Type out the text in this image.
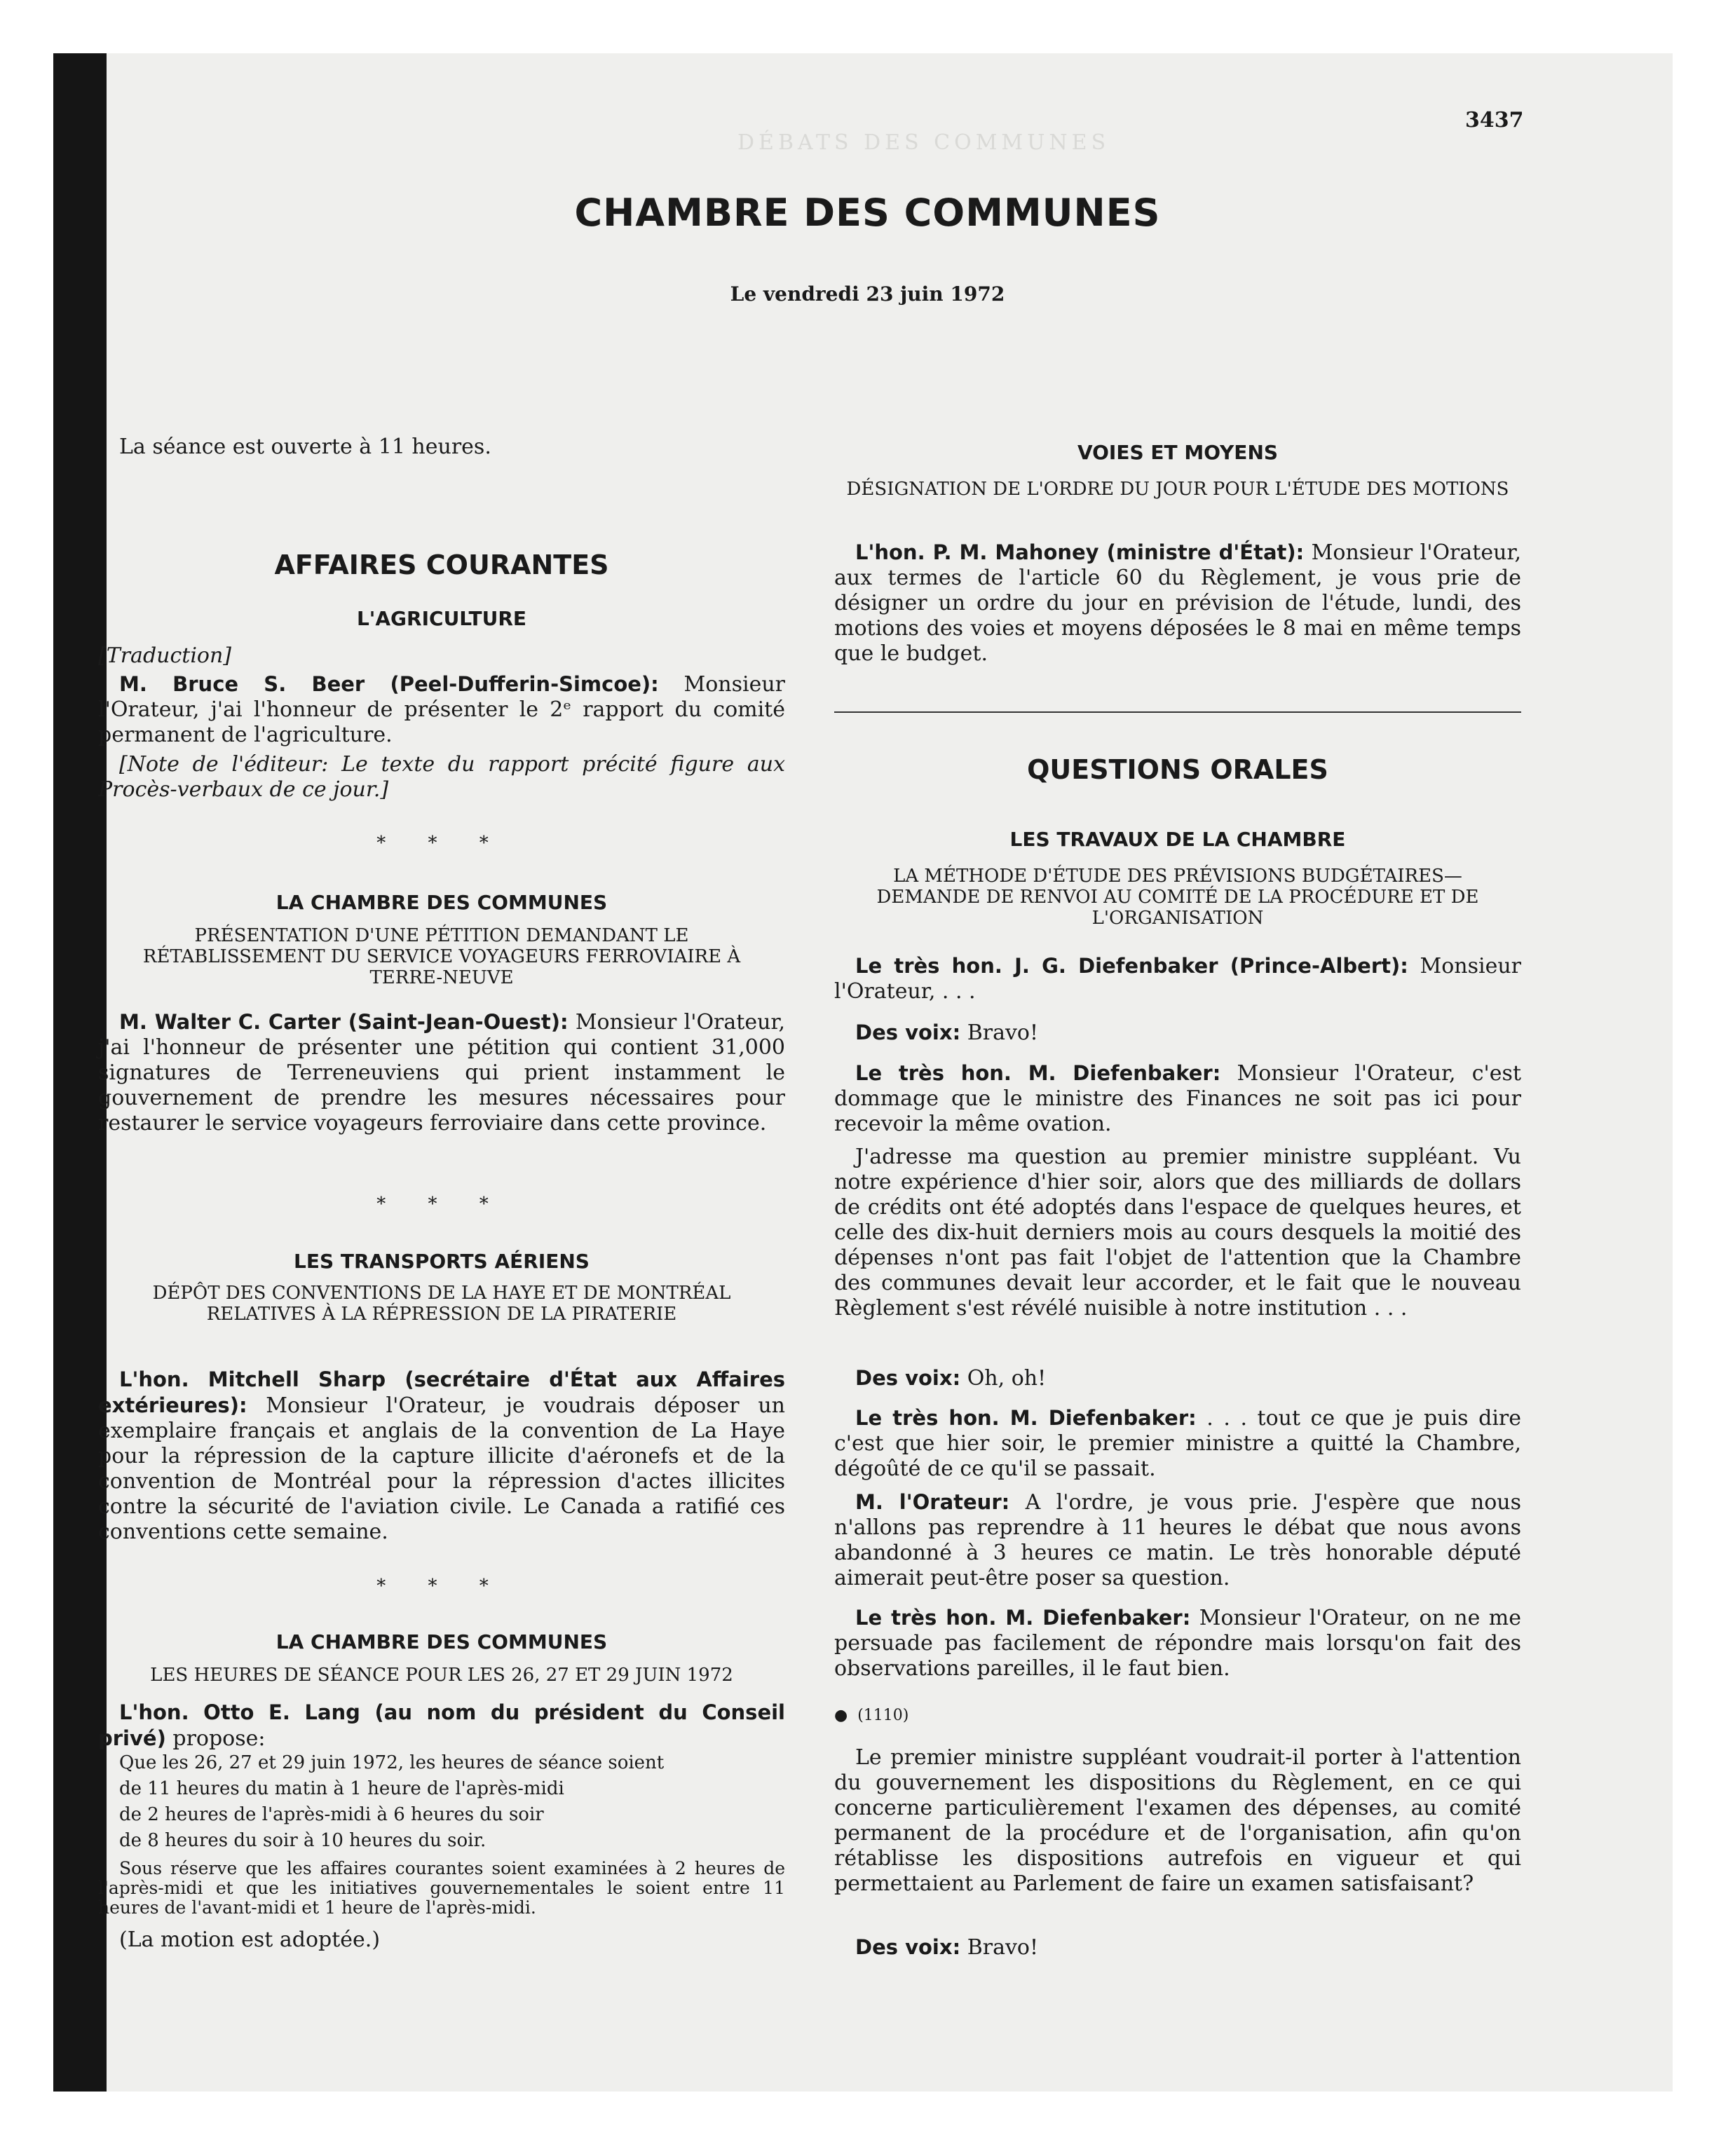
DÉBATS DES COMMUNES
3437
CHAMBRE DES COMMUNES
Le vendredi 23 juin 1972

La séance est ouverte à 11 heures.

AFFAIRES COURANTES
L'AGRICULTURE

[Traduction]

M. Bruce S. Beer (Peel-Dufferin-Simcoe): Monsieur l'Orateur, j'ai l'honneur de présenter le 2ᵉ rapport du comité permanent de l'agriculture.

[Note de l'éditeur: Le texte du rapport précité figure aux Procès-verbaux de ce jour.]

* * *
LA CHAMBRE DES COMMUNES
PRÉSENTATION D'UNE PÉTITION DEMANDANT LE RÉTABLISSEMENT DU SERVICE VOYAGEURS FERROVIAIRE À TERRE-NEUVE

M. Walter C. Carter (Saint-Jean-Ouest): Monsieur l'Orateur, j'ai l'honneur de présenter une pétition qui contient 31,000 signatures de Terreneuviens qui prient instamment le gouvernement de prendre les mesures nécessaires pour restaurer le service voyageurs ferroviaire dans cette province.

* * *
LES TRANSPORTS AÉRIENS
DÉPÔT DES CONVENTIONS DE LA HAYE ET DE MONTRÉAL RELATIVES À LA RÉPRESSION DE LA PIRATERIE

L'hon. Mitchell Sharp (secrétaire d'État aux Affaires extérieures): Monsieur l'Orateur, je voudrais déposer un exemplaire français et anglais de la convention de La Haye pour la répression de la capture illicite d'aéronefs et de la convention de Montréal pour la répression d'actes illicites contre la sécurité de l'aviation civile. Le Canada a ratifié ces conventions cette semaine.

* * *
LA CHAMBRE DES COMMUNES
LES HEURES DE SÉANCE POUR LES 26, 27 ET 29 JUIN 1972

L'hon. Otto E. Lang (au nom du président du Conseil privé) propose:

Que les 26, 27 et 29 juin 1972, les heures de séance soient
de 11 heures du matin à 1 heure de l'après-midi
de 2 heures de l'après-midi à 6 heures du soir
de 8 heures du soir à 10 heures du soir.

Sous réserve que les affaires courantes soient examinées à 2 heures de l'après-midi et que les initiatives gouvernementales le soient entre 11 heures de l'avant-midi et 1 heure de l'après-midi.

(La motion est adoptée.)

VOIES ET MOYENS
DÉSIGNATION DE L'ORDRE DU JOUR POUR L'ÉTUDE DES MOTIONS

L'hon. P. M. Mahoney (ministre d'État): Monsieur l'Orateur, aux termes de l'article 60 du Règlement, je vous prie de désigner un ordre du jour en prévision de l'étude, lundi, des motions des voies et moyens déposées le 8 mai en même temps que le budget.

QUESTIONS ORALES
LES TRAVAUX DE LA CHAMBRE
LA MÉTHODE D'ÉTUDE DES PRÉVISIONS BUDGÉTAIRES— DEMANDE DE RENVOI AU COMITÉ DE LA PROCÉDURE ET DE L'ORGANISATION

Le très hon. J. G. Diefenbaker (Prince-Albert): Monsieur l'Orateur, . . .

Des voix: Bravo!

Le très hon. M. Diefenbaker: Monsieur l'Orateur, c'est dommage que le ministre des Finances ne soit pas ici pour recevoir la même ovation.

J'adresse ma question au premier ministre suppléant. Vu notre expérience d'hier soir, alors que des milliards de dollars de crédits ont été adoptés dans l'espace de quelques heures, et celle des dix-huit derniers mois au cours desquels la moitié des dépenses n'ont pas fait l'objet de l'attention que la Chambre des communes devait leur accorder, et le fait que le nouveau Règlement s'est révélé nuisible à notre institution . . .

Des voix: Oh, oh!

Le très hon. M. Diefenbaker: . . . tout ce que je puis dire c'est que hier soir, le premier ministre a quitté la Chambre, dégoûté de ce qu'il se passait.

M. l'Orateur: A l'ordre, je vous prie. J'espère que nous n'allons pas reprendre à 11 heures le débat que nous avons abandonné à 3 heures ce matin. Le très honorable député aimerait peut-être poser sa question.

Le très hon. M. Diefenbaker: Monsieur l'Orateur, on ne me persuade pas facilement de répondre mais lorsqu'on fait des observations pareilles, il le faut bien.

● (1110)

Le premier ministre suppléant voudrait-il porter à l'attention du gouvernement les dispositions du Règlement, en ce qui concerne particulièrement l'examen des dépenses, au comité permanent de la procédure et de l'organisation, afin qu'on rétablisse les dispositions autrefois en vigueur et qui permettaient au Parlement de faire un examen satisfaisant?

Des voix: Bravo!
